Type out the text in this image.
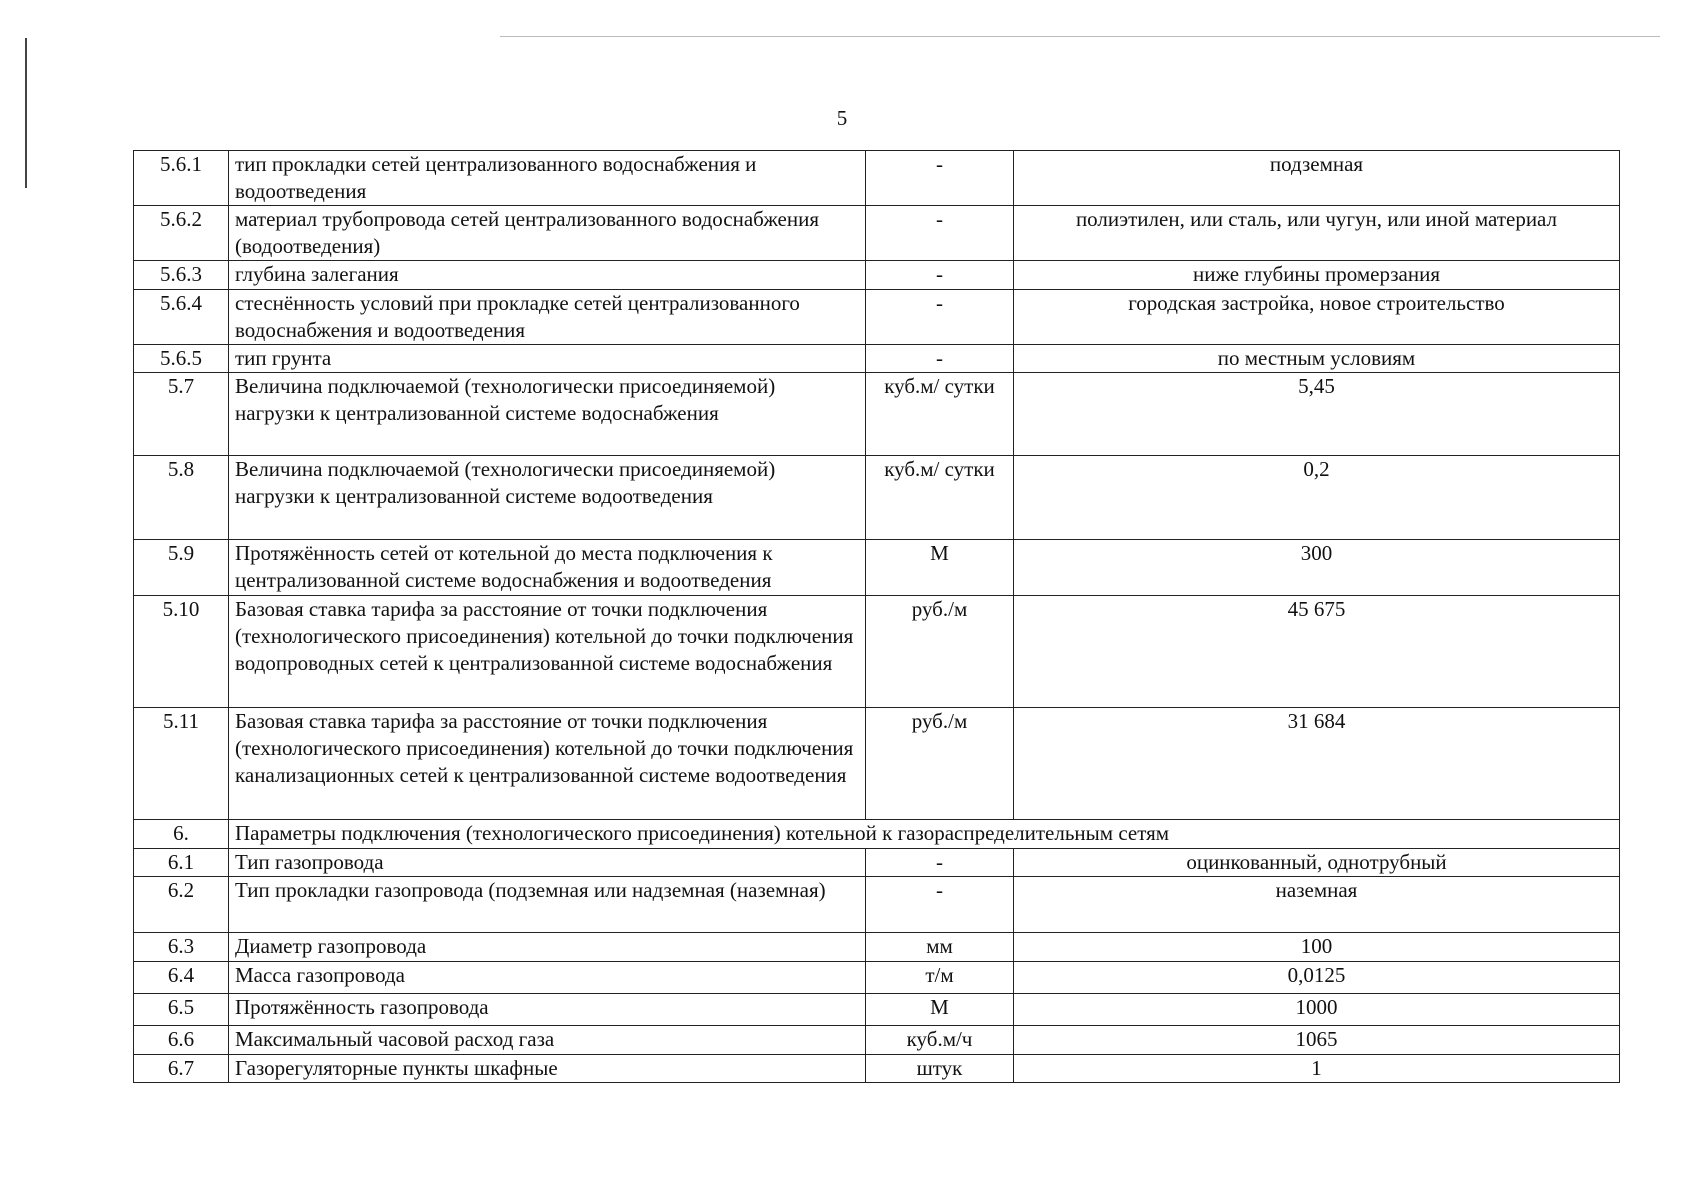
5
5.6.1	тип прокладки сетей централизованного водоснабжения и водоотведения	-	подземная
5.6.2	материал трубопровода сетей централизованного водоснабжения (водоотведения)	-	полиэтилен, или сталь, или чугун, или иной материал
5.6.3	глубина залегания	-	ниже глубины промерзания
5.6.4	стеснённость условий при прокладке сетей централизованного водоснабжения и водоотведения	-	городская застройка, новое строительство
5.6.5	тип грунта	-	по местным условиям
5.7	Величина подключаемой (технологически присоединяемой) нагрузки к централизованной системе водоснабжения	куб.м/ сутки	5,45
5.8	Величина подключаемой (технологически присоединяемой) нагрузки к централизованной системе водоотведения	куб.м/ сутки	0,2
5.9	Протяжённость сетей от котельной до места подключения к централизованной системе водоснабжения и водоотведения	М	300
5.10	Базовая ставка тарифа за расстояние от точки подключения (технологического присоединения) котельной до точки подключения водопроводных сетей к централизованной системе водоснабжения	руб./м	45 675
5.11	Базовая ставка тарифа за расстояние от точки подключения (технологического присоединения) котельной до точки подключения канализационных сетей к централизованной системе водоотведения	руб./м	31 684
6.	Параметры подключения (технологического присоединения) котельной к газораспределительным сетям		
6.1	Тип газопровода	-	оцинкованный, однотрубный
6.2	Тип прокладки газопровода (подземная или надземная (наземная)	-	наземная
6.3	Диаметр газопровода	мм	100
6.4	Масса газопровода	т/м	0,0125
6.5	Протяжённость газопровода	М	1000
6.6	Максимальный часовой расход газа	куб.м/ч	1065
6.7	Газорегуляторные пункты шкафные	штук	1
